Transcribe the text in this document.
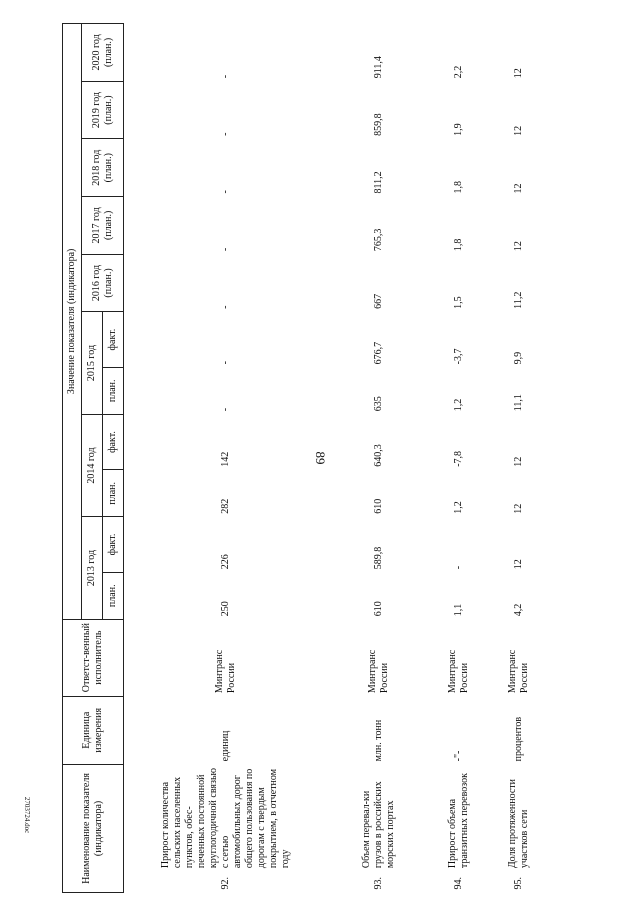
89
2703724.doc	Наименование показателя (индикатора)		Единица измерения	Ответст-венный исполнитель	Значение показателя (индикатора)										
				2013 год		2014 год		2015 год		2016 год (план.)	2017 год (план.)	2018 год (план.)	2019 год (план.)	2020 год (план.)
				план.	факт.	план.	факт.	план.	факт.					
92.	Прирост количества сельских населенных пунктов, обес-печенных постоянной круглогодичной связью с сетью автомобильных дорог общего пользования по дорогам с твердым покрытием, в отчетном году	единиц	Минтранс России	250	226	282	142	-	-	-	-	-	-	-
93.	Объем перевал-ки грузов в российских морских портах	млн. тонн	Минтранс России	610	589,8	610	640,3	635	676,7	667	765,3	811,2	859,8	911,4
94.	Прирост объема транзитных перевозок	-"-	Минтранс России	1,1	-	1,2	-7,8	1,2	-3,7	1,5	1,8	1,8	1,9	2,2
95.	Доля протяженности участков сети	процентов	Минтранс России	4,2	12	12	12	11,1	9,9	11,2	12	12	12	12
